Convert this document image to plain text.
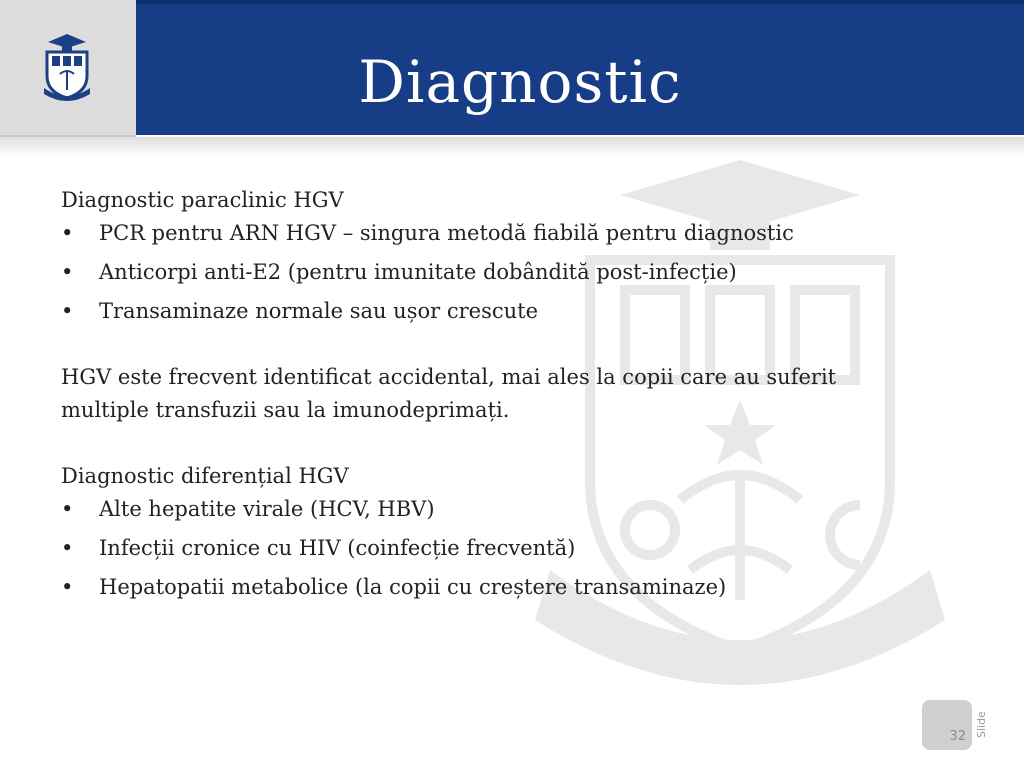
Diagnostic

Diagnostic paraclinic HGV

• PCR pentru ARN HGV – singura metodă fiabilă pentru diagnostic
• Anticorpi anti-E2 (pentru imunitate dobândită post-infecție)
• Transaminaze normale sau ușor crescute

HGV este frecvent identificat accidental, mai ales la copii care au suferit multiple transfuzii sau la imunodeprimați.

Diagnostic diferențial HGV

• Alte hepatite virale (HCV, HBV)
• Infecții cronice cu HIV (coinfecție frecventă)
• Hepatopatii metabolice (la copii cu creștere transaminaze)
32 Slide
